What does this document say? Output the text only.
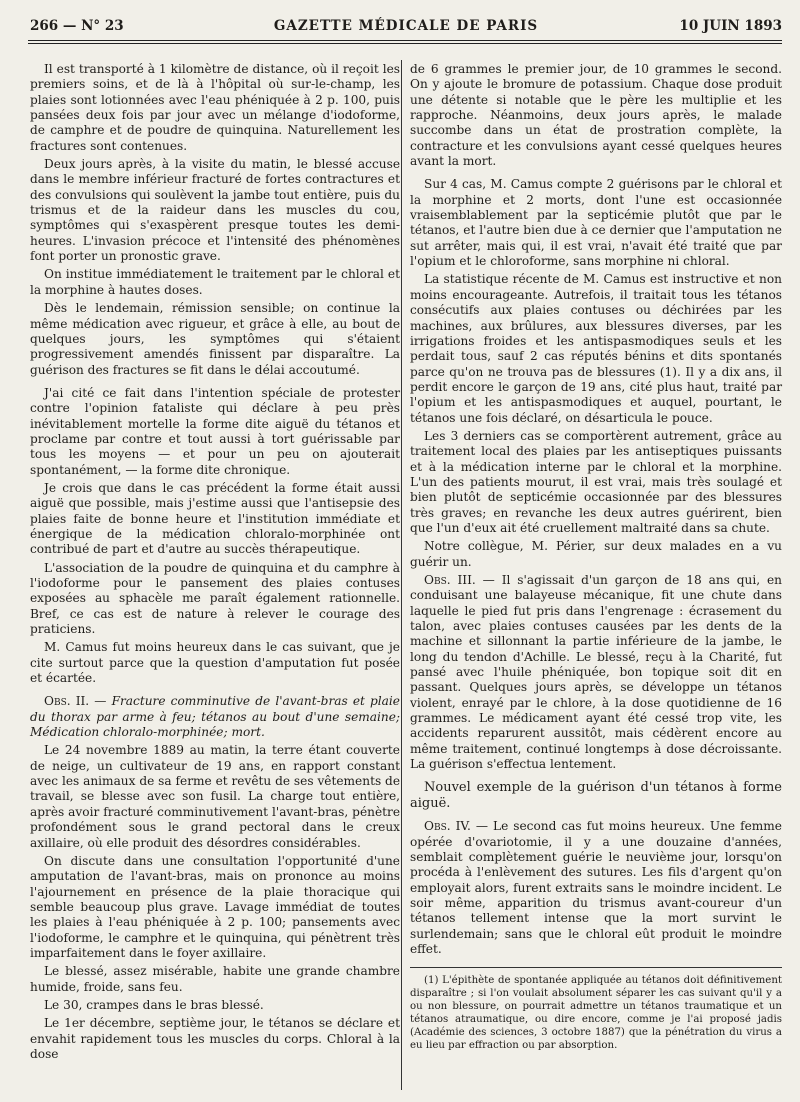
266 — N° 23	GAZETTE MÉDICALE DE PARIS	10 JUIN 1893

Il est transporté à 1 kilomètre de distance, où il reçoit les premiers soins, et de là à l'hôpital où sur-le-champ, les plaies sont lotionnées avec l'eau phéniquée à 2 p. 100, puis pansées deux fois par jour avec un mélange d'iodoforme, de camphre et de poudre de quinquina. Naturellement les fractures sont contenues.

Deux jours après, à la visite du matin, le blessé accuse dans le membre inférieur fracturé de fortes contractures et des convulsions qui soulèvent la jambe tout entière, puis du trismus et de la raideur dans les muscles du cou, symptômes qui s'exaspèrent presque toutes les demi-heures. L'invasion précoce et l'intensité des phénomènes font porter un pronostic grave.

On institue immédiatement le traitement par le chloral et la morphine à hautes doses.

Dès le lendemain, rémission sensible; on continue la même médication avec rigueur, et grâce à elle, au bout de quelques jours, les symptômes qui s'étaient progressivement amendés finissent par disparaître. La guérison des fractures se fit dans le délai accoutumé.

J'ai cité ce fait dans l'intention spéciale de protester contre l'opinion fataliste qui déclare à peu près inévitablement mortelle la forme dite aiguë du tétanos et proclame par contre et tout aussi à tort guérissable par tous les moyens — et pour un peu on ajouterait spontanément, — la forme dite chronique.

Je crois que dans le cas précédent la forme était aussi aiguë que possible, mais j'estime aussi que l'antisepsie des plaies faite de bonne heure et l'institution immédiate et énergique de la médication chloralo-morphinée ont contribué de part et d'autre au succès thérapeutique.

L'association de la poudre de quinquina et du camphre à l'iodoforme pour le pansement des plaies contuses exposées au sphacèle me paraît également rationnelle. Bref, ce cas est de nature à relever le courage des praticiens.

M. Camus fut moins heureux dans le cas suivant, que je cite surtout parce que la question d'amputation fut posée et écartée.

Obs. II. — Fracture comminutive de l'avant-bras et plaie du thorax par arme à feu; tétanos au bout d'une semaine; Médication chloralo-morphinée; mort.

Le 24 novembre 1889 au matin, la terre étant couverte de neige, un cultivateur de 19 ans, en rapport constant avec les animaux de sa ferme et revêtu de ses vêtements de travail, se blesse avec son fusil. La charge tout entière, après avoir fracturé comminutivement l'avant-bras, pénètre profondément sous le grand pectoral dans le creux axillaire, où elle produit des désordres considérables.

On discute dans une consultation l'opportunité d'une amputation de l'avant-bras, mais on prononce au moins l'ajournement en présence de la plaie thoracique qui semble beaucoup plus grave. Lavage immédiat de toutes les plaies à l'eau phéniquée à 2 p. 100; pansements avec l'iodoforme, le camphre et le quinquina, qui pénètrent très imparfaitement dans le foyer axillaire.

Le blessé, assez misérable, habite une grande chambre humide, froide, sans feu.

Le 30, crampes dans le bras blessé.

Le 1er décembre, septième jour, le tétanos se déclare et envahit rapidement tous les muscles du corps. Chloral à la dose

de 6 grammes le premier jour, de 10 grammes le second. On y ajoute le bromure de potassium. Chaque dose produit une détente si notable que le père les multiplie et les rapproche. Néanmoins, deux jours après, le malade succombe dans un état de prostration complète, la contracture et les convulsions ayant cessé quelques heures avant la mort.

Sur 4 cas, M. Camus compte 2 guérisons par le chloral et la morphine et 2 morts, dont l'une est occasionnée vraisemblablement par la septicémie plutôt que par le tétanos, et l'autre bien due à ce dernier que l'amputation ne sut arrêter, mais qui, il est vrai, n'avait été traité que par l'opium et le chloroforme, sans morphine ni chloral.

La statistique récente de M. Camus est instructive et non moins encourageante. Autrefois, il traitait tous les tétanos consécutifs aux plaies contuses ou déchirées par les machines, aux brûlures, aux blessures diverses, par les irrigations froides et les antispasmodiques seuls et les perdait tous, sauf 2 cas réputés bénins et dits spontanés parce qu'on ne trouva pas de blessures (1). Il y a dix ans, il perdit encore le garçon de 19 ans, cité plus haut, traité par l'opium et les antispasmodiques et auquel, pourtant, le tétanos une fois déclaré, on désarticula le pouce.

Les 3 derniers cas se comportèrent autrement, grâce au traitement local des plaies par les antiseptiques puissants et à la médication interne par le chloral et la morphine. L'un des patients mourut, il est vrai, mais très soulagé et bien plutôt de septicémie occasionnée par des blessures très graves; en revanche les deux autres guérirent, bien que l'un d'eux ait été cruellement maltraité dans sa chute.

Notre collègue, M. Périer, sur deux malades en a vu guérir un.

Obs. III. — Il s'agissait d'un garçon de 18 ans qui, en conduisant une balayeuse mécanique, fit une chute dans laquelle le pied fut pris dans l'engrenage : écrasement du talon, avec plaies contuses causées par les dents de la machine et sillonnant la partie inférieure de la jambe, le long du tendon d'Achille. Le blessé, reçu à la Charité, fut pansé avec l'huile phéniquée, bon topique soit dit en passant. Quelques jours après, se développe un tétanos violent, enrayé par le chlore, à la dose quotidienne de 16 grammes. Le médicament ayant été cessé trop vite, les accidents reparurent aussitôt, mais cédèrent encore au même traitement, continué longtemps à dose décroissante. La guérison s'effectua lentement.

Nouvel exemple de la guérison d'un tétanos à forme aiguë.

Obs. IV. — Le second cas fut moins heureux. Une femme opérée d'ovariotomie, il y a une douzaine d'années, semblait complètement guérie le neuvième jour, lorsqu'on procéda à l'enlèvement des sutures. Les fils d'argent qu'on employait alors, furent extraits sans le moindre incident. Le soir même, apparition du trismus avant-coureur d'un tétanos tellement intense que la mort survint le surlendemain; sans que le chloral eût produit le moindre effet.

(1) L'épithète de spontanée appliquée au tétanos doit définitivement disparaître ; si l'on voulait absolument séparer les cas suivant qu'il y a ou non blessure, on pourrait admettre un tétanos traumatique et un tétanos atraumatique, ou dire encore, comme je l'ai proposé jadis (Académie des sciences, 3 octobre 1887) que la pénétration du virus a eu lieu par effraction ou par absorption.
